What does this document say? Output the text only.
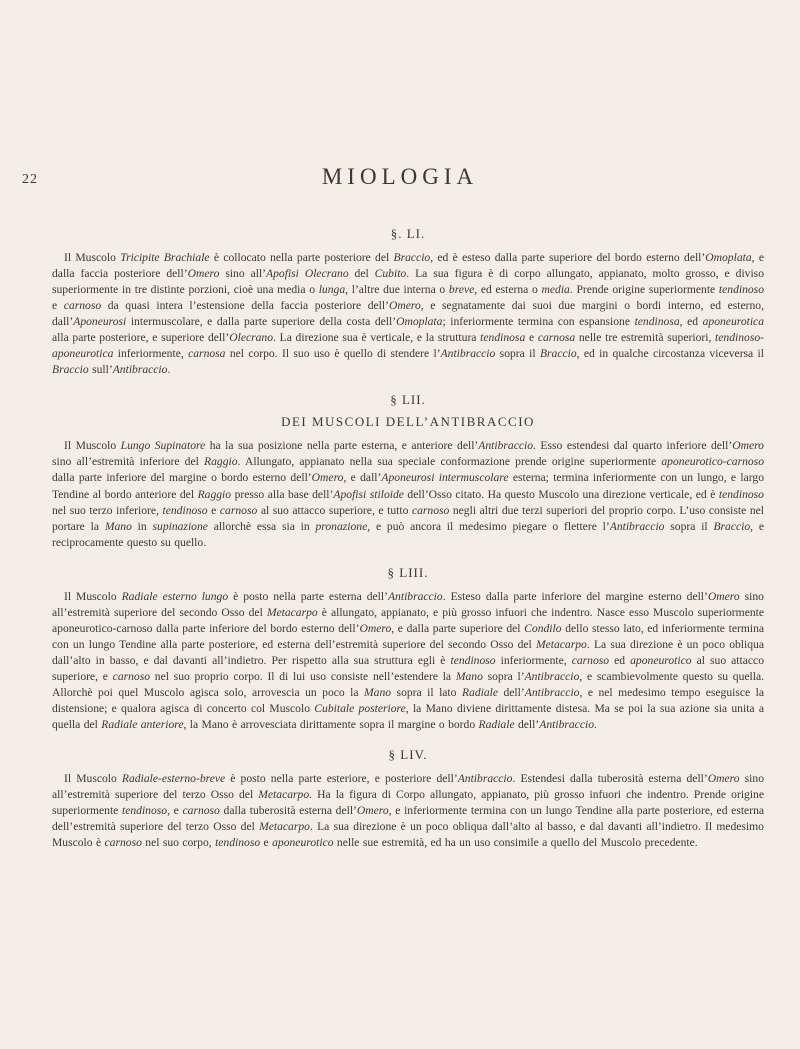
22	MIOLOGIA
§. LI.

Il Muscolo Tricipite Brachiale è collocato nella parte posteriore del Braccio, ed è esteso dalla parte superiore del bordo esterno dell’Omoplata, e dalla faccia posteriore dell’Omero sino all’Apofisi Olecrano del Cubito. La sua figura è di corpo allungato, appianato, molto grosso, e diviso superiormente in tre distinte porzioni, cioè una media o lunga, l’altre due interna o breve, ed esterna o media. Prende origine superiormente tendinoso e carnoso da quasi intera l’estensione della faccia posteriore dell’Omero, e segnatamente dai suoi due margini o bordi interno, ed esterno, dall’Aponeurosi intermuscolare, e dalla parte superiore della costa dell’Omoplata; inferiormente termina con espansione tendinosa, ed aponeurotica alla parte posteriore, e superiore dell’Olecrano. La direzione sua è verticale, e la struttura tendinosa e carnosa nelle tre estremità superiori, tendinoso-aponeurotica inferiormente, carnosa nel corpo. Il suo uso è quello di stendere l’Antibraccio sopra il Braccio, ed in qualche circostanza viceversa il Braccio sull’Antibraccio.

§ LII.
DEI MUSCOLI DELL’ANTIBRACCIO

Il Muscolo Lungo Supinatore ha la sua posizione nella parte esterna, e anteriore dell’Antibraccio. Esso estendesi dal quarto inferiore dell’Omero sino all’estremità inferiore del Raggio. Allungato, appianato nella sua speciale conformazione prende origine superiormente aponeurotico-carnoso dalla parte inferiore del margine o bordo esterno dell’Omero, e dall’Aponeurosi intermuscolare esterna; termina inferiormente con un lungo, e largo Tendine al bordo anteriore del Raggio presso alla base dell’Apofisi stiloide dell’Osso citato. Ha questo Muscolo una direzione verticale, ed è tendinoso nel suo terzo inferiore, tendinoso e carnoso al suo attacco superiore, e tutto carnoso negli altri due terzi superiori del proprio corpo. L’uso consiste nel portare la Mano in supinazione allorchè essa sia in pronazione, e può ancora il medesimo piegare o flettere l’Antibraccio sopra il Braccio, e reciprocamente questo su quello.

§ LIII.

Il Muscolo Radiale esterno lungo è posto nella parte esterna dell’Antibraccio. Esteso dalla parte inferiore del margine esterno dell’Omero sino all’estremità superiore del secondo Osso del Metacarpo è allungato, appianato, e più grosso infuori che indentro. Nasce esso Muscolo superiormente aponeurotico-carnoso dalla parte inferiore del bordo esterno dell’Omero, e dalla parte superiore del Condilo dello stesso lato, ed inferiormente termina con un lungo Tendine alla parte posteriore, ed esterna dell’estremità superiore del secondo Osso del Metacarpo. La sua direzione è un poco obliqua dall’alto in basso, e dal davanti all’indietro. Per rispetto alla sua struttura egli è tendinoso inferiormente, carnoso ed aponeurotico al suo attacco superiore, e carnoso nel suo proprio corpo. Il di lui uso consiste nell’estendere la Mano sopra l’Antibraccio, e scambievolmente questo su quella. Allorchè poi quel Muscolo agisca solo, arrovescia un poco la Mano sopra il lato Radiale dell’Antibraccio, e nel medesimo tempo eseguisce la distensione; e qualora agisca di concerto col Muscolo Cubitale posteriore, la Mano diviene dirittamente distesa. Ma se poi la sua azione sia unita a quella del Radiale anteriore, la Mano è arrovesciata dirittamente sopra il margine o bordo Radiale dell’Antibraccio.

§ LIV.

Il Muscolo Radiale-esterno-breve è posto nella parte esteriore, e posteriore dell’Antibraccio. Estendesi dalla tuberosità esterna dell’Omero sino all’estremità superiore del terzo Osso del Metacarpo. Ha la figura di Corpo allungato, appianato, più grosso infuori che indentro. Prende origine superiormente tendinoso, e carnoso dalla tuberosità esterna dell’Omero, e inferiormente termina con un lungo Tendine alla parte posteriore, ed esterna dell’estremità superiore del terzo Osso del Metacarpo. La sua direzione è un poco obliqua dall’alto al basso, e dal davanti all’indietro. Il medesimo Muscolo è carnoso nel suo corpo, tendinoso e aponeurotico nelle sue estremità, ed ha un uso consimile a quello del Muscolo precedente.
